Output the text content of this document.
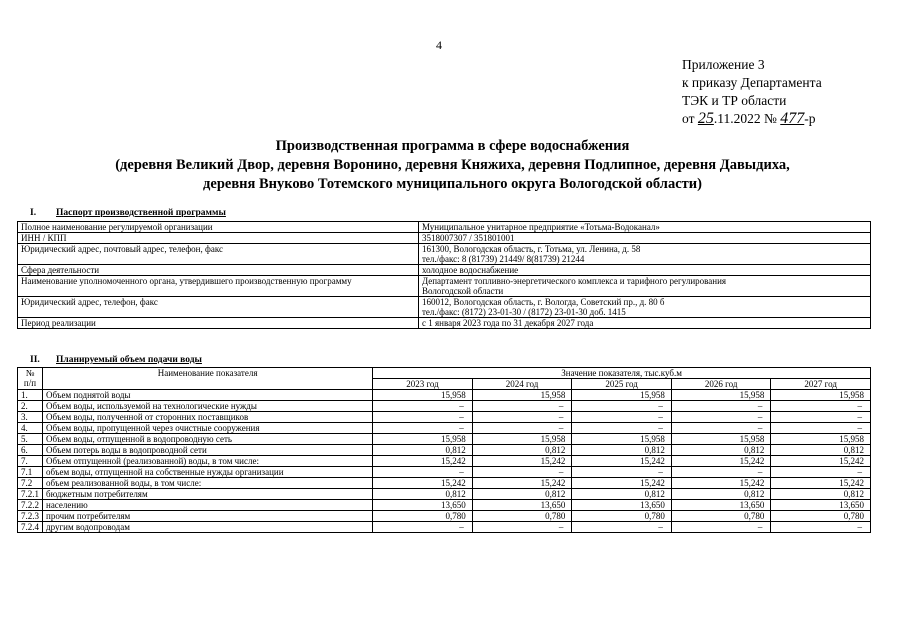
4
Приложение 3
к приказу Департамента
ТЭК и ТР области
от 25.11.2022 № 477-р
Производственная программа в сфере водоснабжения
(деревня Великий Двор, деревня Воронино, деревня Княжиха, деревня Подлипное, деревня Давыдиха,
деревня Внуково Тотемского муниципального округа Вологодской области)
I. Паспорт производственной программы
Полное наименование регулируемой организации	Муниципальное унитарное предприятие «Тотьма-Водоканал»

ИНН / КПП	3518007307 / 351801001

Юридический адрес, почтовый адрес, телефон, факс	161300, Вологодская область, г. Тотьма, ул. Ленина, д. 58
тел./факс: 8 (81739) 21449/ 8(81739) 21244

Сфера деятельности	холодное водоснабжение

Наименование уполномоченного органа, утвердившего производственную программу	Департамент топливно-энергетического комплекса и тарифного регулирования
Вологодской области

Юридический адрес, телефон, факс	160012, Вологодская область, г. Вологда, Советский пр., д. 80 б
тел./факс: (8172) 23-01-30 / (8172) 23-01-30 доб. 1415

Период реализации	с 1 января 2023 года по 31 декабря 2027 года
II. Планируемый объем подачи воды
№
п/п	Наименование показателя	Значение показателя, тыс.куб.м				
		2023 год	2024 год	2025 год	2026 год	2027 год
1.	Объем поднятой воды	15,958	15,958	15,958	15,958	15,958
2.	Объем воды, используемой на технологические нужды	–	–	–	–	–
3.	Объем воды, полученной от сторонних поставщиков	–	–	–	–	–
4.	Объем воды, пропущенной через очистные сооружения	–	–	–	–	–
5.	Объем воды, отпущенной в водопроводную сеть	15,958	15,958	15,958	15,958	15,958
6.	Объем потерь воды в водопроводной сети	0,812	0,812	0,812	0,812	0,812
7.	Объем отпущенной (реализованной) воды, в том числе:	15,242	15,242	15,242	15,242	15,242
7.1	объем воды, отпущенной на собственные нужды организации	–	–	–	–	–
7.2	объем реализованной воды, в том числе:	15,242	15,242	15,242	15,242	15,242
7.2.1	бюджетным потребителям	0,812	0,812	0,812	0,812	0,812
7.2.2	населению	13,650	13,650	13,650	13,650	13,650
7.2.3	прочим потребителям	0,780	0,780	0,780	0,780	0,780
7.2.4	другим водопроводам	–	–	–	–	–
